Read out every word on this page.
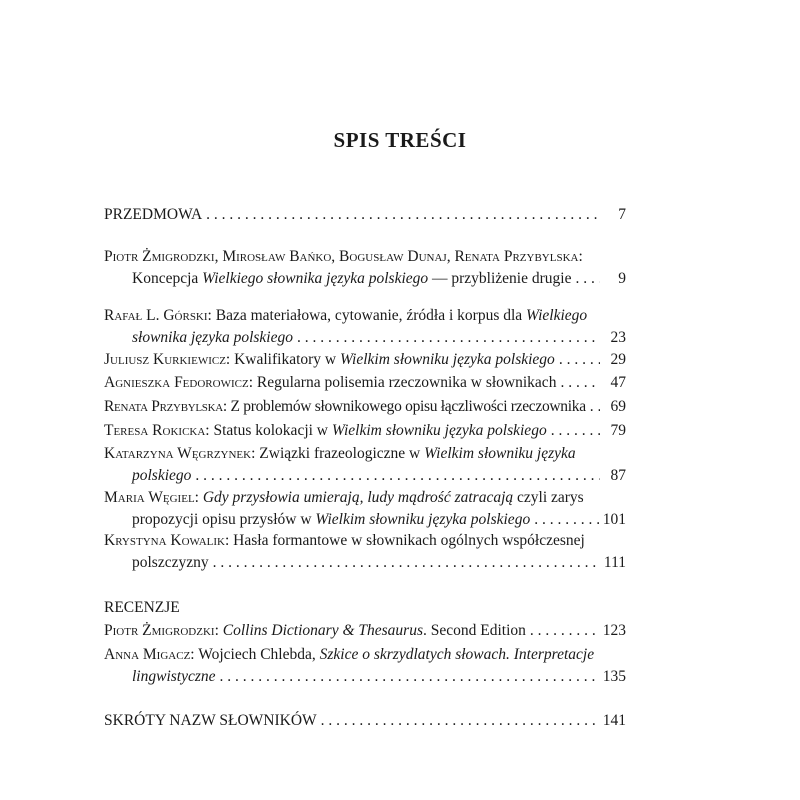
SPIS TREŚCI
PRZEDMOWA . . .	7
Piotr Żmigrodzki, Mirosław Bańko, Bogusław Dunaj, Renata Przybylska:
Koncepcja Wielkiego słownika języka polskiego — przybliżenie drugie . . .	9
Rafał L. Górski: Baza materiałowa, cytowanie, źródła i korpus dla Wielkiego
słownika języka polskiego . . .	23
Juliusz Kurkiewicz: Kwalifikatory w Wielkim słowniku języka polskiego . . .	29
Agnieszka Fedorowicz: Regularna polisemia rzeczownika w słownikach . . .	47
Renata Przybylska: Z problemów słownikowego opisu łączliwości rzeczownika . . .	69
Teresa Rokicka: Status kolokacji w Wielkim słowniku języka polskiego . . .	79
Katarzyna Węgrzynek: Związki frazeologiczne w Wielkim słowniku języka
polskiego . . .	87
Maria Węgiel: Gdy przysłowia umierają, ludy mądrość zatracają czyli zarys
propozycji opisu przysłów w Wielkim słowniku języka polskiego . . .	101
Krystyna Kowalik: Hasła formantowe w słownikach ogólnych współczesnej
polszczyzny . . .	111
RECENZJE
Piotr Żmigrodzki: Collins Dictionary & Thesaurus. Second Edition . . .	123
Anna Migacz: Wojciech Chlebda, Szkice o skrzydlatych słowach. Interpretacje
lingwistyczne . . .	135
SKRÓTY NAZW SŁOWNIKÓW . . .	141
